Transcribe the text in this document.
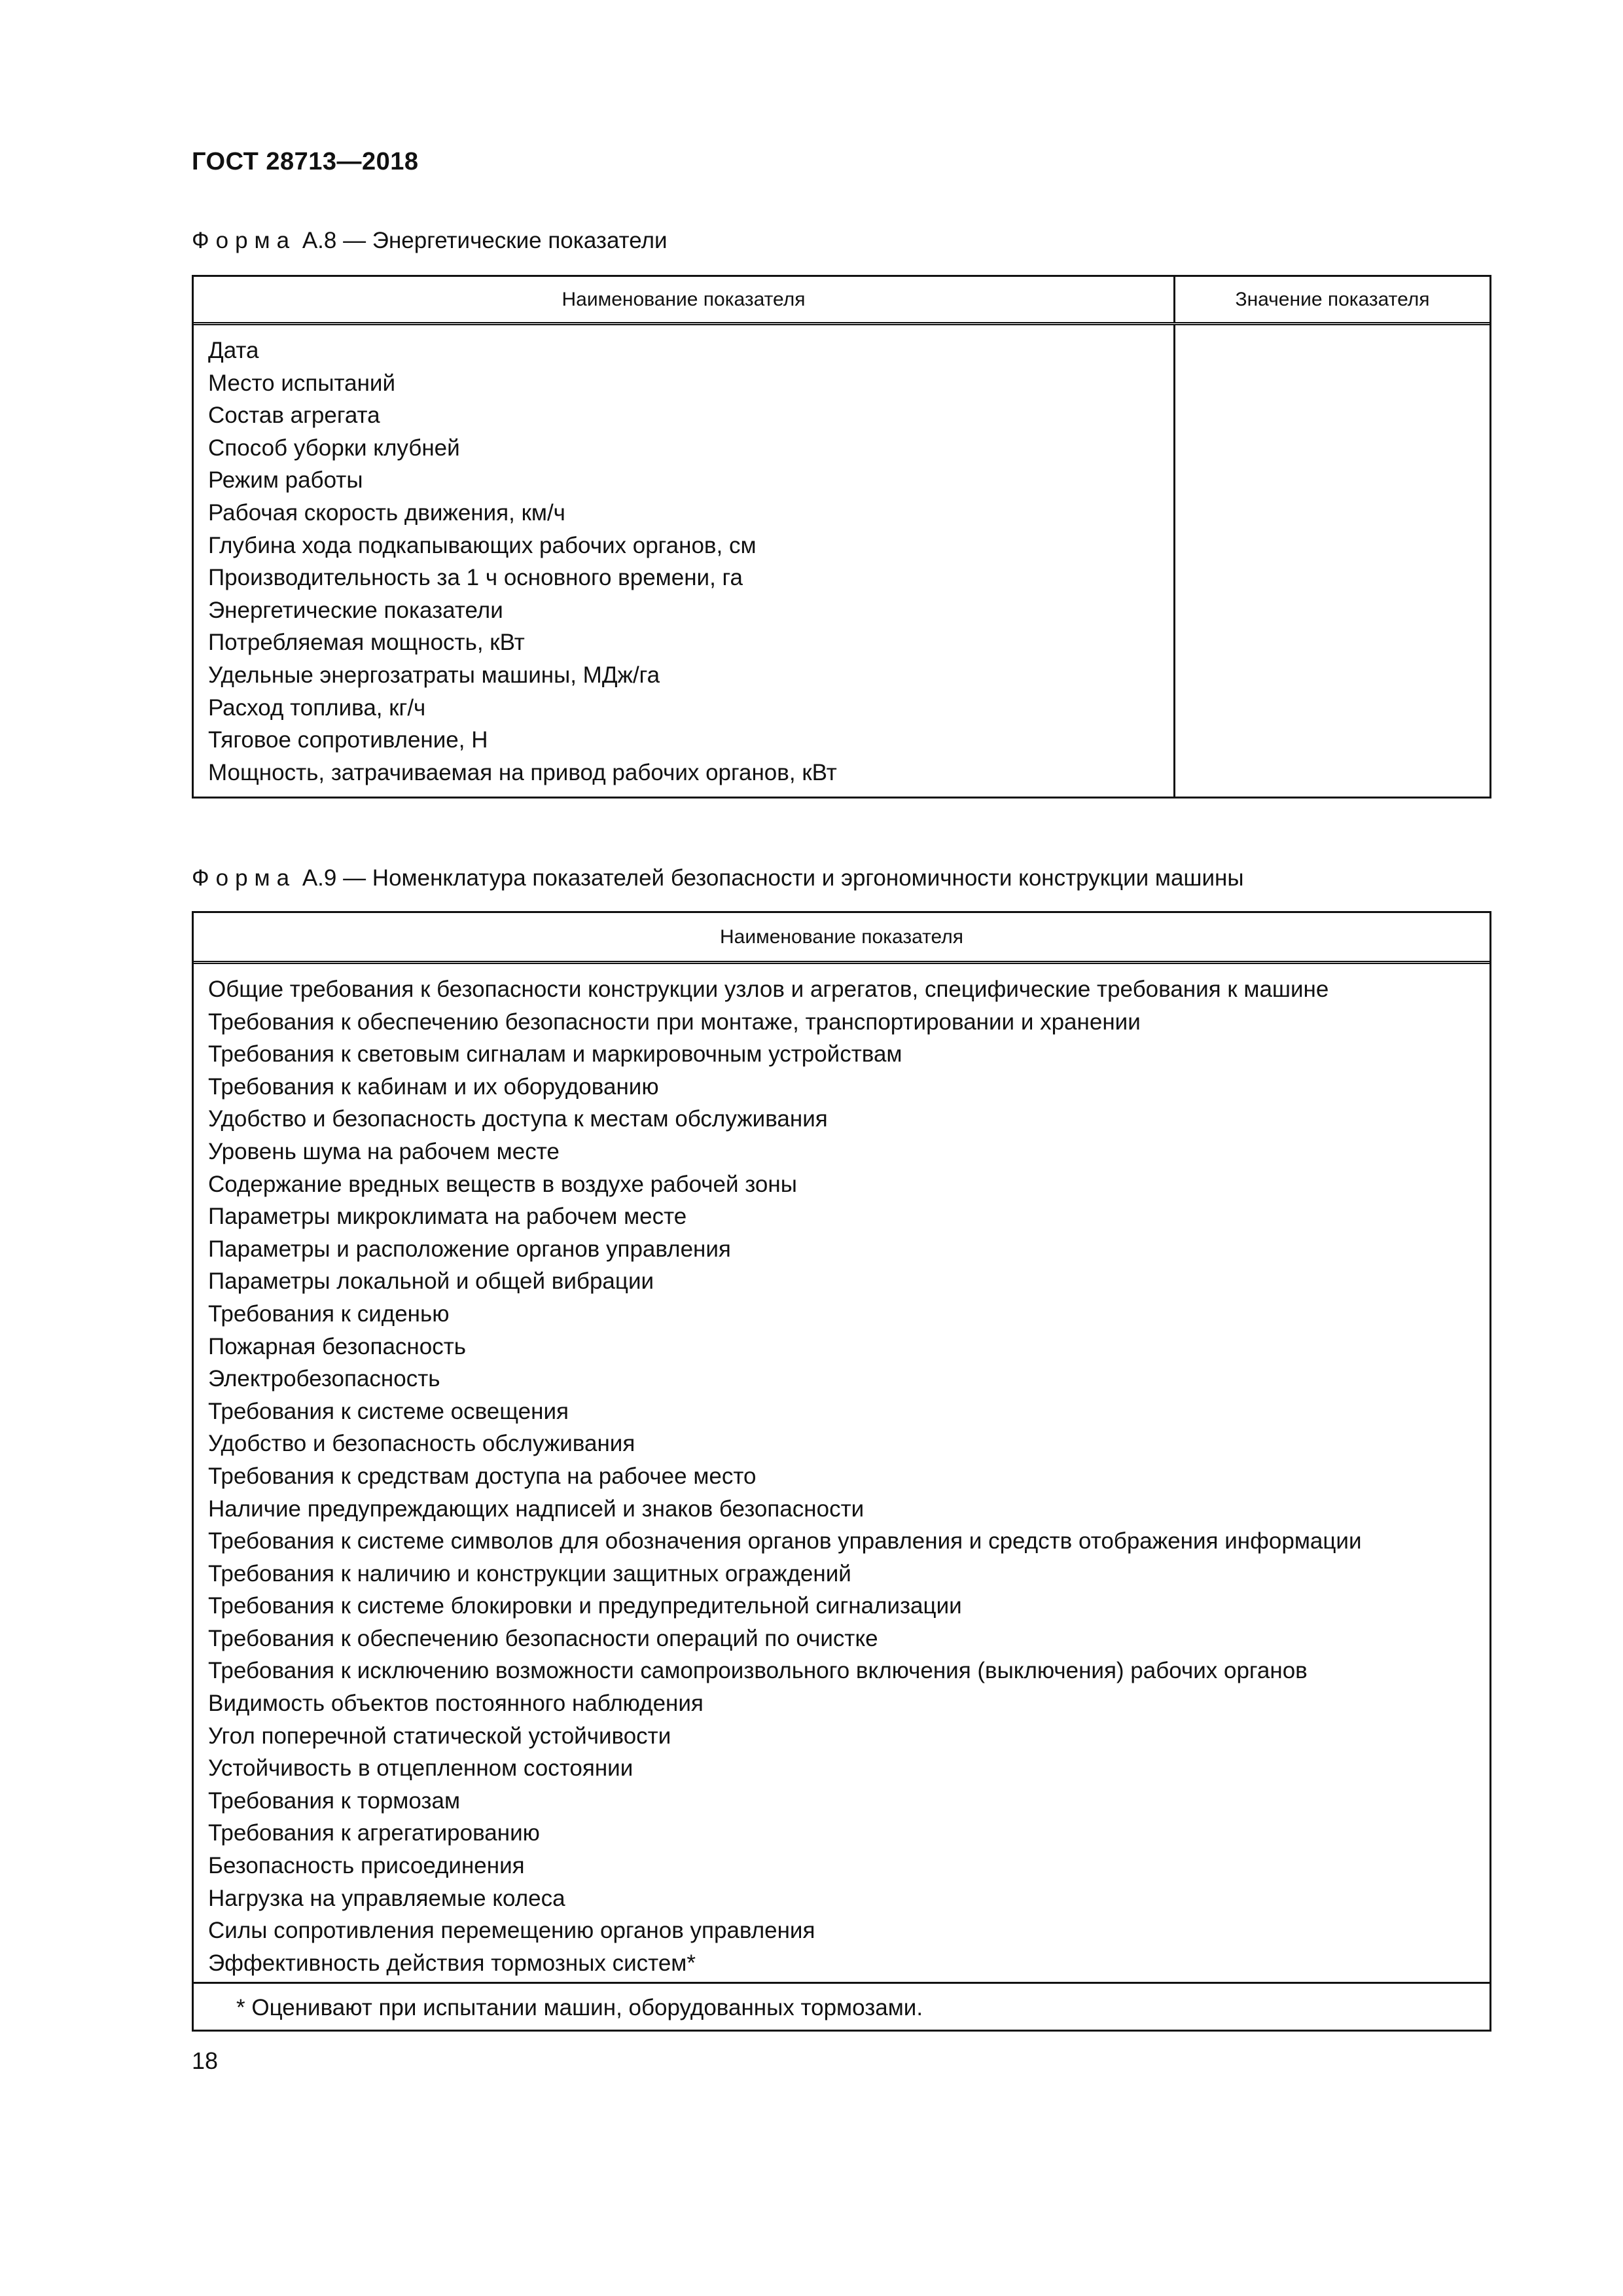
ГОСТ 28713—2018
Форма А.8 — Энергетические показатели
Наименование показателя	Значение показателя
Дата
Место испытаний
Состав агрегата
Способ уборки клубней
Режим работы
Рабочая скорость движения, км/ч
Глубина хода подкапывающих рабочих органов, см
Производительность за 1 ч основного времени, га
Энергетические показатели
Потребляемая мощность, кВт
Удельные энергозатраты машины, МДж/га
Расход топлива, кг/ч
Тяговое сопротивление, Н
Мощность, затрачиваемая на привод рабочих органов, кВт
Форма А.9 — Номенклатура показателей безопасности и эргономичности конструкции машины
Наименование показателя
Общие требования к безопасности конструкции узлов и агрегатов, специфические требования к машине
Требования к обеспечению безопасности при монтаже, транспортировании и хранении
Требования к световым сигналам и маркировочным устройствам
Требования к кабинам и их оборудованию
Удобство и безопасность доступа к местам обслуживания
Уровень шума на рабочем месте
Содержание вредных веществ в воздухе рабочей зоны
Параметры микроклимата на рабочем месте
Параметры и расположение органов управления
Параметры локальной и общей вибрации
Требования к сиденью
Пожарная безопасность
Электробезопасность
Требования к системе освещения
Удобство и безопасность обслуживания
Требования к средствам доступа на рабочее место
Наличие предупреждающих надписей и знаков безопасности
Требования к системе символов для обозначения органов управления и средств отображения информации
Требования к наличию и конструкции защитных ограждений
Требования к системе блокировки и предупредительной сигнализации
Требования к обеспечению безопасности операций по очистке
Требования к исключению возможности самопроизвольного включения (выключения) рабочих органов
Видимость объектов постоянного наблюдения
Угол поперечной статической устойчивости
Устойчивость в отцепленном состоянии
Требования к тормозам
Требования к агрегатированию
Безопасность присоединения
Нагрузка на управляемые колеса
Силы сопротивления перемещению органов управления
Эффективность действия тормозных систем*
* Оценивают при испытании машин, оборудованных тормозами.
18
